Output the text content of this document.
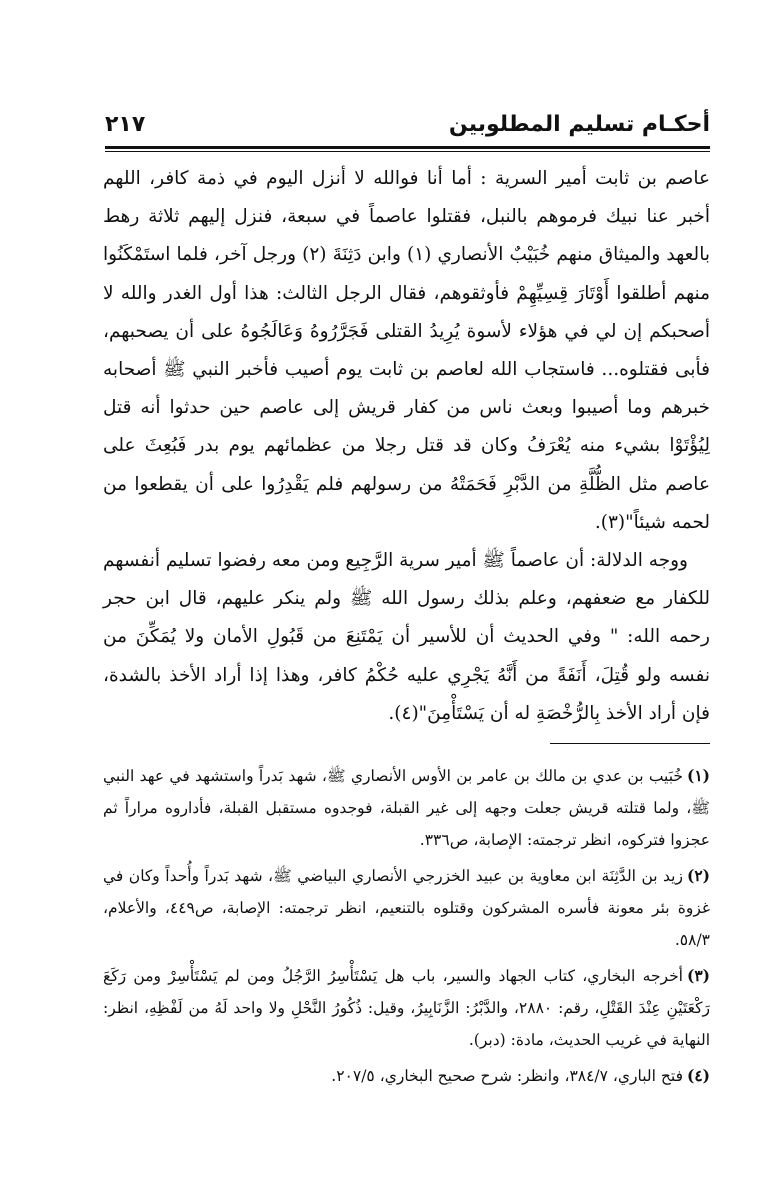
أحكـام تسليم المطلوبين
٢١٧

عاصم بن ثابت أمير السرية : أما أنا فوالله لا أنزل اليوم في ذمة كافر، اللهم أخبر عنا نبيك فرموهم بالنبل، فقتلوا عاصماً في سبعة، فنزل إليهم ثلاثة رهط بالعهد والميثاق منهم خُبَيْبٌ الأنصاري (١) وابن دَثِنَةَ (٢) ورجل آخر، فلما استَمْكَنُوا منهم أطلقوا أَوْتَارَ قِسِيِّهِمْ فأوثقوهم، فقال الرجل الثالث: هذا أول الغدر والله لا أصحبكم إن لي في هؤلاء لأسوة يُرِيدُ القتلى فَجَرَّرُوهُ وَعَالَجُوهُ على أن يصحبهم، فأبى فقتلوه... فاستجاب الله لعاصم بن ثابت يوم أصيب فأخبر النبي ﷺ أصحابه خبرهم وما أصيبوا وبعث ناس من كفار قريش إلى عاصم حين حدثوا أنه قتل لِيُؤْتَوْا بشيء منه يُعْرَفُ وكان قد قتل رجلا من عظمائهم يوم بدر فَبُعِثَ على عاصم مثل الظُّلَّةِ من الدَّبْرِ فَحَمَتْهُ من رسولهم فلم يَقْدِرُوا على أن يقطعوا من لحمه شيئاً"(٣).

ووجه الدلالة: أن عاصماً ﷺ أمير سرية الرَّجِيع ومن معه رفضوا تسليم أنفسهم للكفار مع ضعفهم، وعلم بذلك رسول الله ﷺ ولم ينكر عليهم، قال ابن حجر رحمه الله: " وفي الحديث أن للأسير أن يَمْتَنِعَ من قَبُولِ الأمان ولا يُمَكِّنَ من نفسه ولو قُتِلَ، أَنَفَةً من أَنَّهُ يَجْرِي عليه حُكْمُ كافر، وهذا إذا أراد الأخذ بالشدة، فإن أراد الأخذ بِالرُّخْصَةِ له أن يَسْتَأْمِنَ"(٤).

(١)خُبَيب بن عدي بن مالك بن عامر بن الأوس الأنصاري ﷺ، شهد بَدراً واستشهد في عهد النبي ﷺ، ولما قتلته قريش جعلت وجهه إلى غير القبلة، فوجدوه مستقبل القبلة، فأداروه مراراً ثم عجزوا فتركوه، انظر ترجمته: الإصابة، ص٣٣٦.

(٢)زيد بن الدَّثِنَة ابن معاوية بن عبيد الخزرجي الأنصاري البياضي ﷺ، شهد بَدراً وأُحداً وكان في غزوة بئر معونة فأسره المشركون وقتلوه بالتنعيم، انظر ترجمته: الإصابة، ص٤٤٩، والأعلام، ٥٨/٣.

(٣)أخرجه البخاري، كتاب الجهاد والسير، باب هل يَسْتَأْسِرُ الرَّجُلُ ومن لم يَسْتَأْسِرْ ومن رَكَعَ رَكْعَتَيْنِ عِنْدَ القَتْلِ، رقم: ٢٨٨٠، والدَّبْرُ: الزَّنَابِيرُ، وقيل: ذُكُورُ النَّحْلِ ولا واحد لَهُ من لَفْظِهِ، انظر: النهاية في غريب الحديث، مادة: (دبر).

(٤)فتح الباري، ٣٨٤/٧، وانظر: شرح صحيح البخاري، ٢٠٧/٥.
